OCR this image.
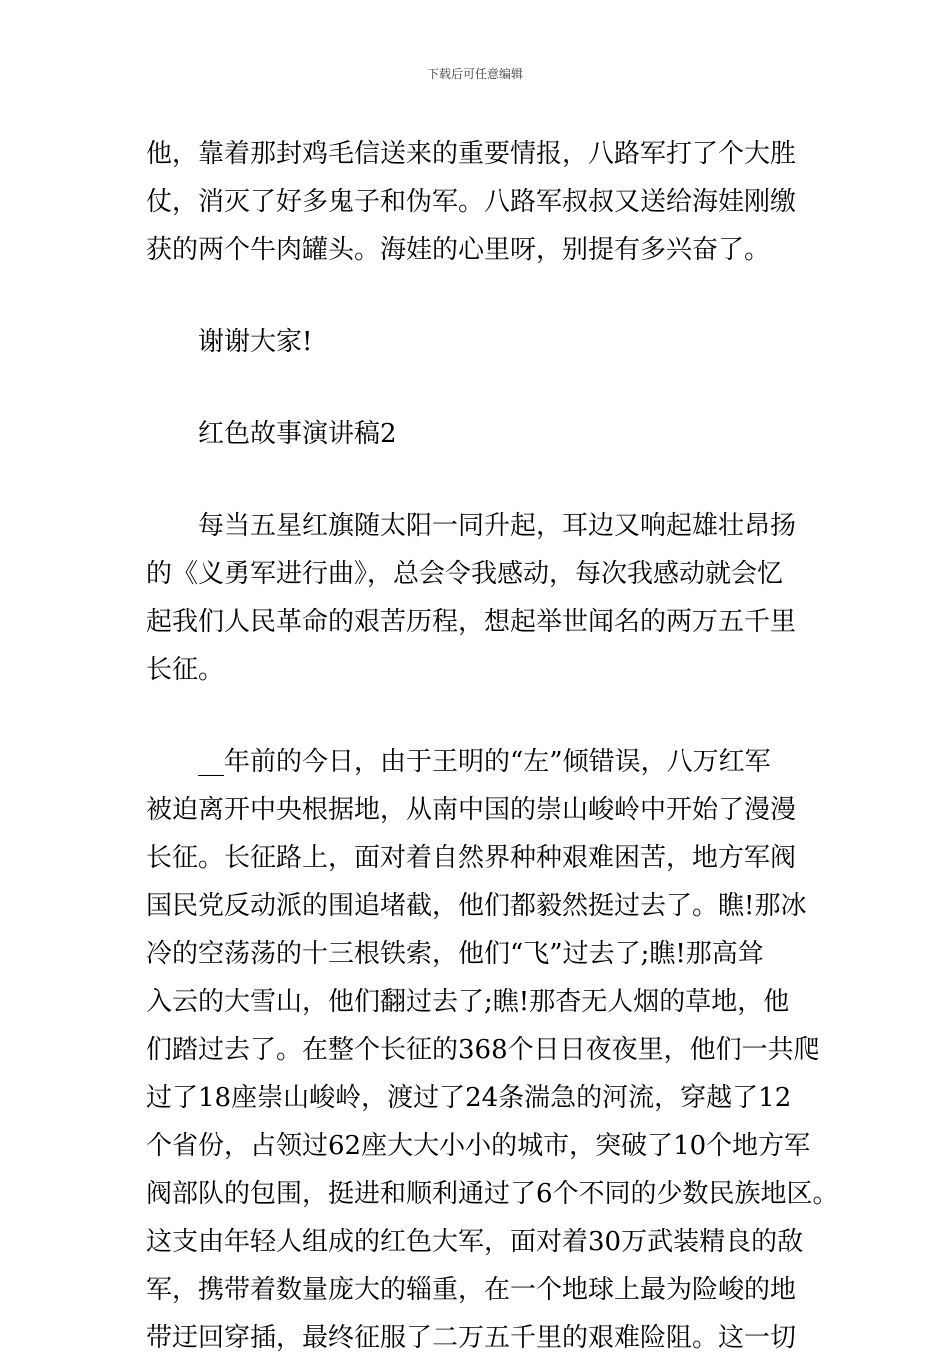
下载后可任意编辑
他，靠着那封鸡毛信送来的重要情报，八路军打了个大胜
仗，消灭了好多鬼子和伪军。八路军叔叔又送给海娃刚缴
获的两个牛肉罐头。海娃的心里呀，别提有多兴奋了。
谢谢大家!
红色故事演讲稿2
每当五星红旗随太阳一同升起，耳边又响起雄壮昂扬
的《义勇军进行曲》，总会令我感动，每次我感动就会忆
起我们人民革命的艰苦历程，想起举世闻名的两万五千里
长征。
__年前的今日，由于王明的“左”倾错误，八万红军
被迫离开中央根据地，从南中国的崇山峻岭中开始了漫漫
长征。长征路上，面对着自然界种种艰难困苦，地方军阀
国民党反动派的围追堵截，他们都毅然挺过去了。瞧!那冰
冷的空荡荡的十三根铁索，他们“飞”过去了;瞧!那高耸
入云的大雪山，他们翻过去了;瞧!那杳无人烟的草地，他
们踏过去了。在整个长征的368个日日夜夜里，他们一共爬
过了18座崇山峻岭，渡过了24条湍急的河流，穿越了12
个省份，占领过62座大大小小的城市，突破了10个地方军
阀部队的包围，挺进和顺利通过了6个不同的少数民族地区。
这支由年轻人组成的红色大军，面对着30万武装精良的敌
军，携带着数量庞大的辎重，在一个地球上最为险峻的地
带迂回穿插，最终征服了二万五千里的艰难险阻。这一切
